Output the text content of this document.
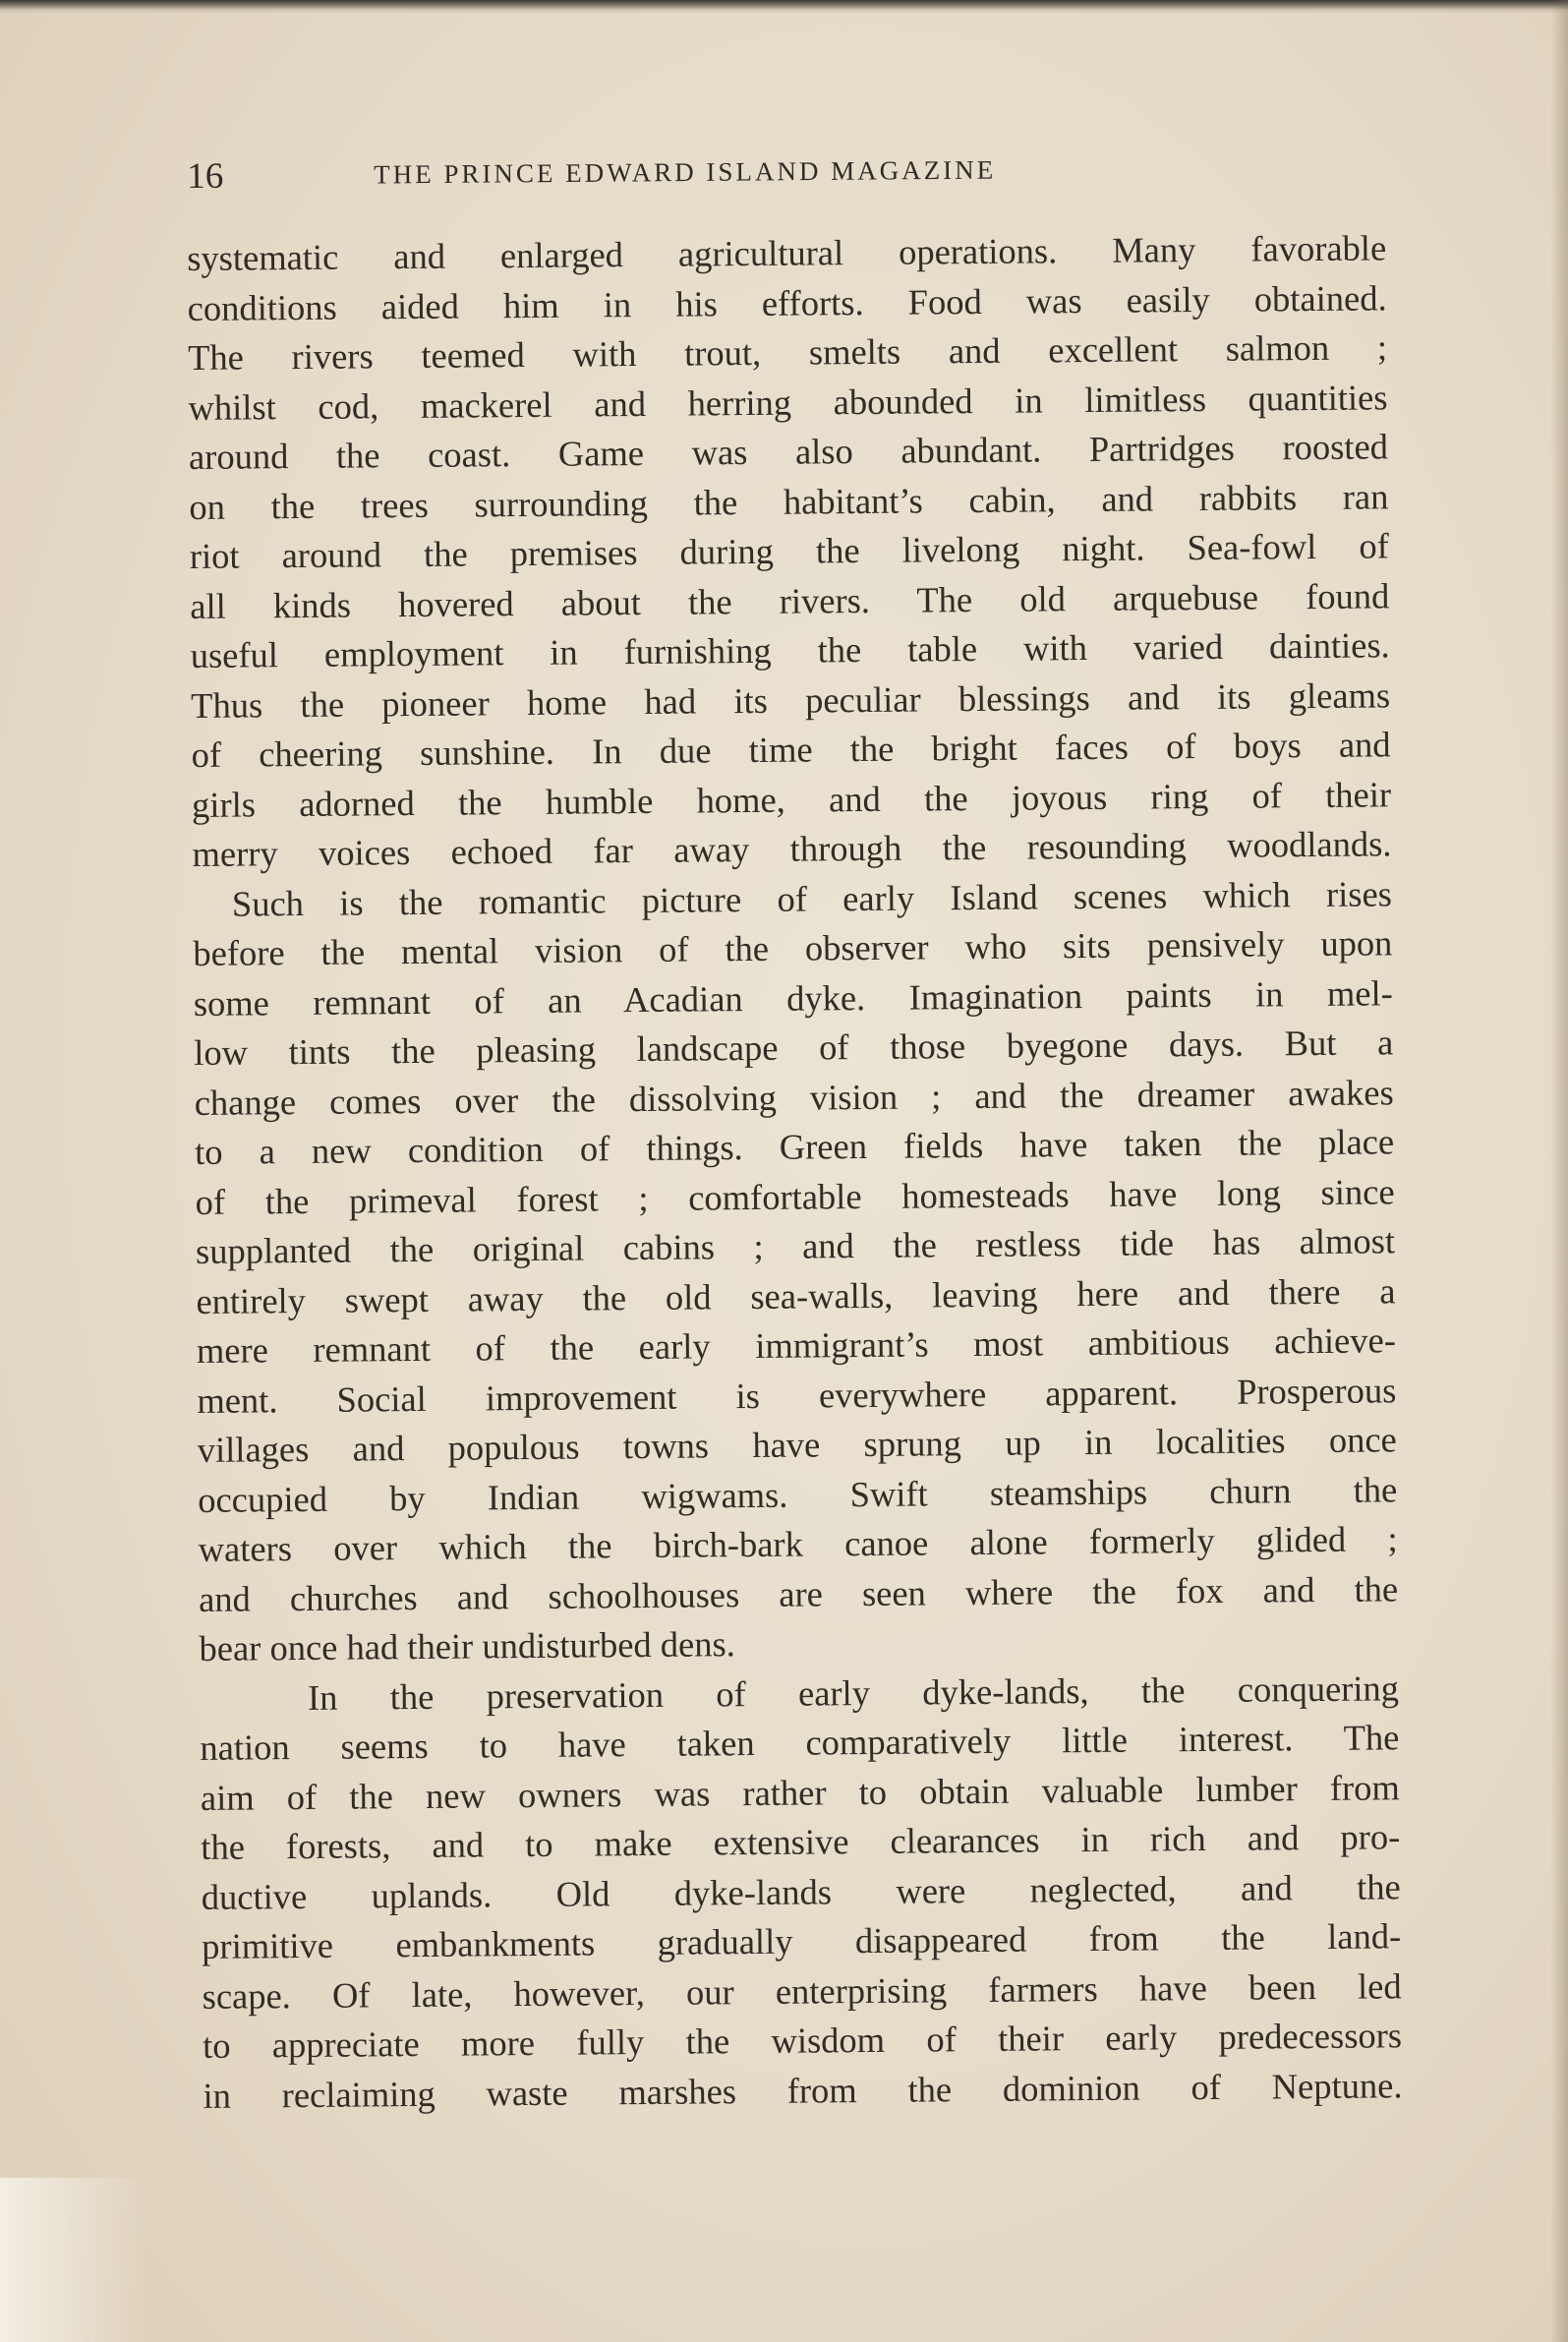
16	THE PRINCE EDWARD ISLAND MAGAZINE
systematic and enlarged agricultural operations. Many favorable
conditions aided him in his efforts. Food was easily obtained.
The rivers teemed with trout, smelts and excellent salmon ;
whilst cod, mackerel and herring abounded in limitless quantities
around the coast. Game was also abundant. Partridges roosted
on the trees surrounding the habitant’s cabin, and rabbits ran
riot around the premises during the livelong night. Sea-fowl of
all kinds hovered about the rivers. The old arquebuse found
useful employment in furnishing the table with varied dainties.
Thus the pioneer home had its peculiar blessings and its gleams
of cheering sunshine. In due time the bright faces of boys and
girls adorned the humble home, and the joyous ring of their
merry voices echoed far away through the resounding woodlands.
Such is the romantic picture of early Island scenes which rises
before the mental vision of the observer who sits pensively upon
some remnant of an Acadian dyke. Imagination paints in mel-
low tints the pleasing landscape of those byegone days. But a
change comes over the dissolving vision ; and the dreamer awakes
to a new condition of things. Green fields have taken the place
of the primeval forest ; comfortable homesteads have long since
supplanted the original cabins ; and the restless tide has almost
entirely swept away the old sea-walls, leaving here and there a
mere remnant of the early immigrant’s most ambitious achieve-
ment. Social improvement is everywhere apparent. Prosperous
villages and populous towns have sprung up in localities once
occupied by Indian wigwams. Swift steamships churn the
waters over which the birch-bark canoe alone formerly glided ;
and churches and schoolhouses are seen where the fox and the
bear once had their undisturbed dens.
In the preservation of early dyke-lands, the conquering
nation seems to have taken comparatively little interest. The
aim of the new owners was rather to obtain valuable lumber from
the forests, and to make extensive clearances in rich and pro-
ductive uplands. Old dyke-lands were neglected, and the
primitive embankments gradually disappeared from the land-
scape. Of late, however, our enterprising farmers have been led
to appreciate more fully the wisdom of their early predecessors
in reclaiming waste marshes from the dominion of Neptune.
